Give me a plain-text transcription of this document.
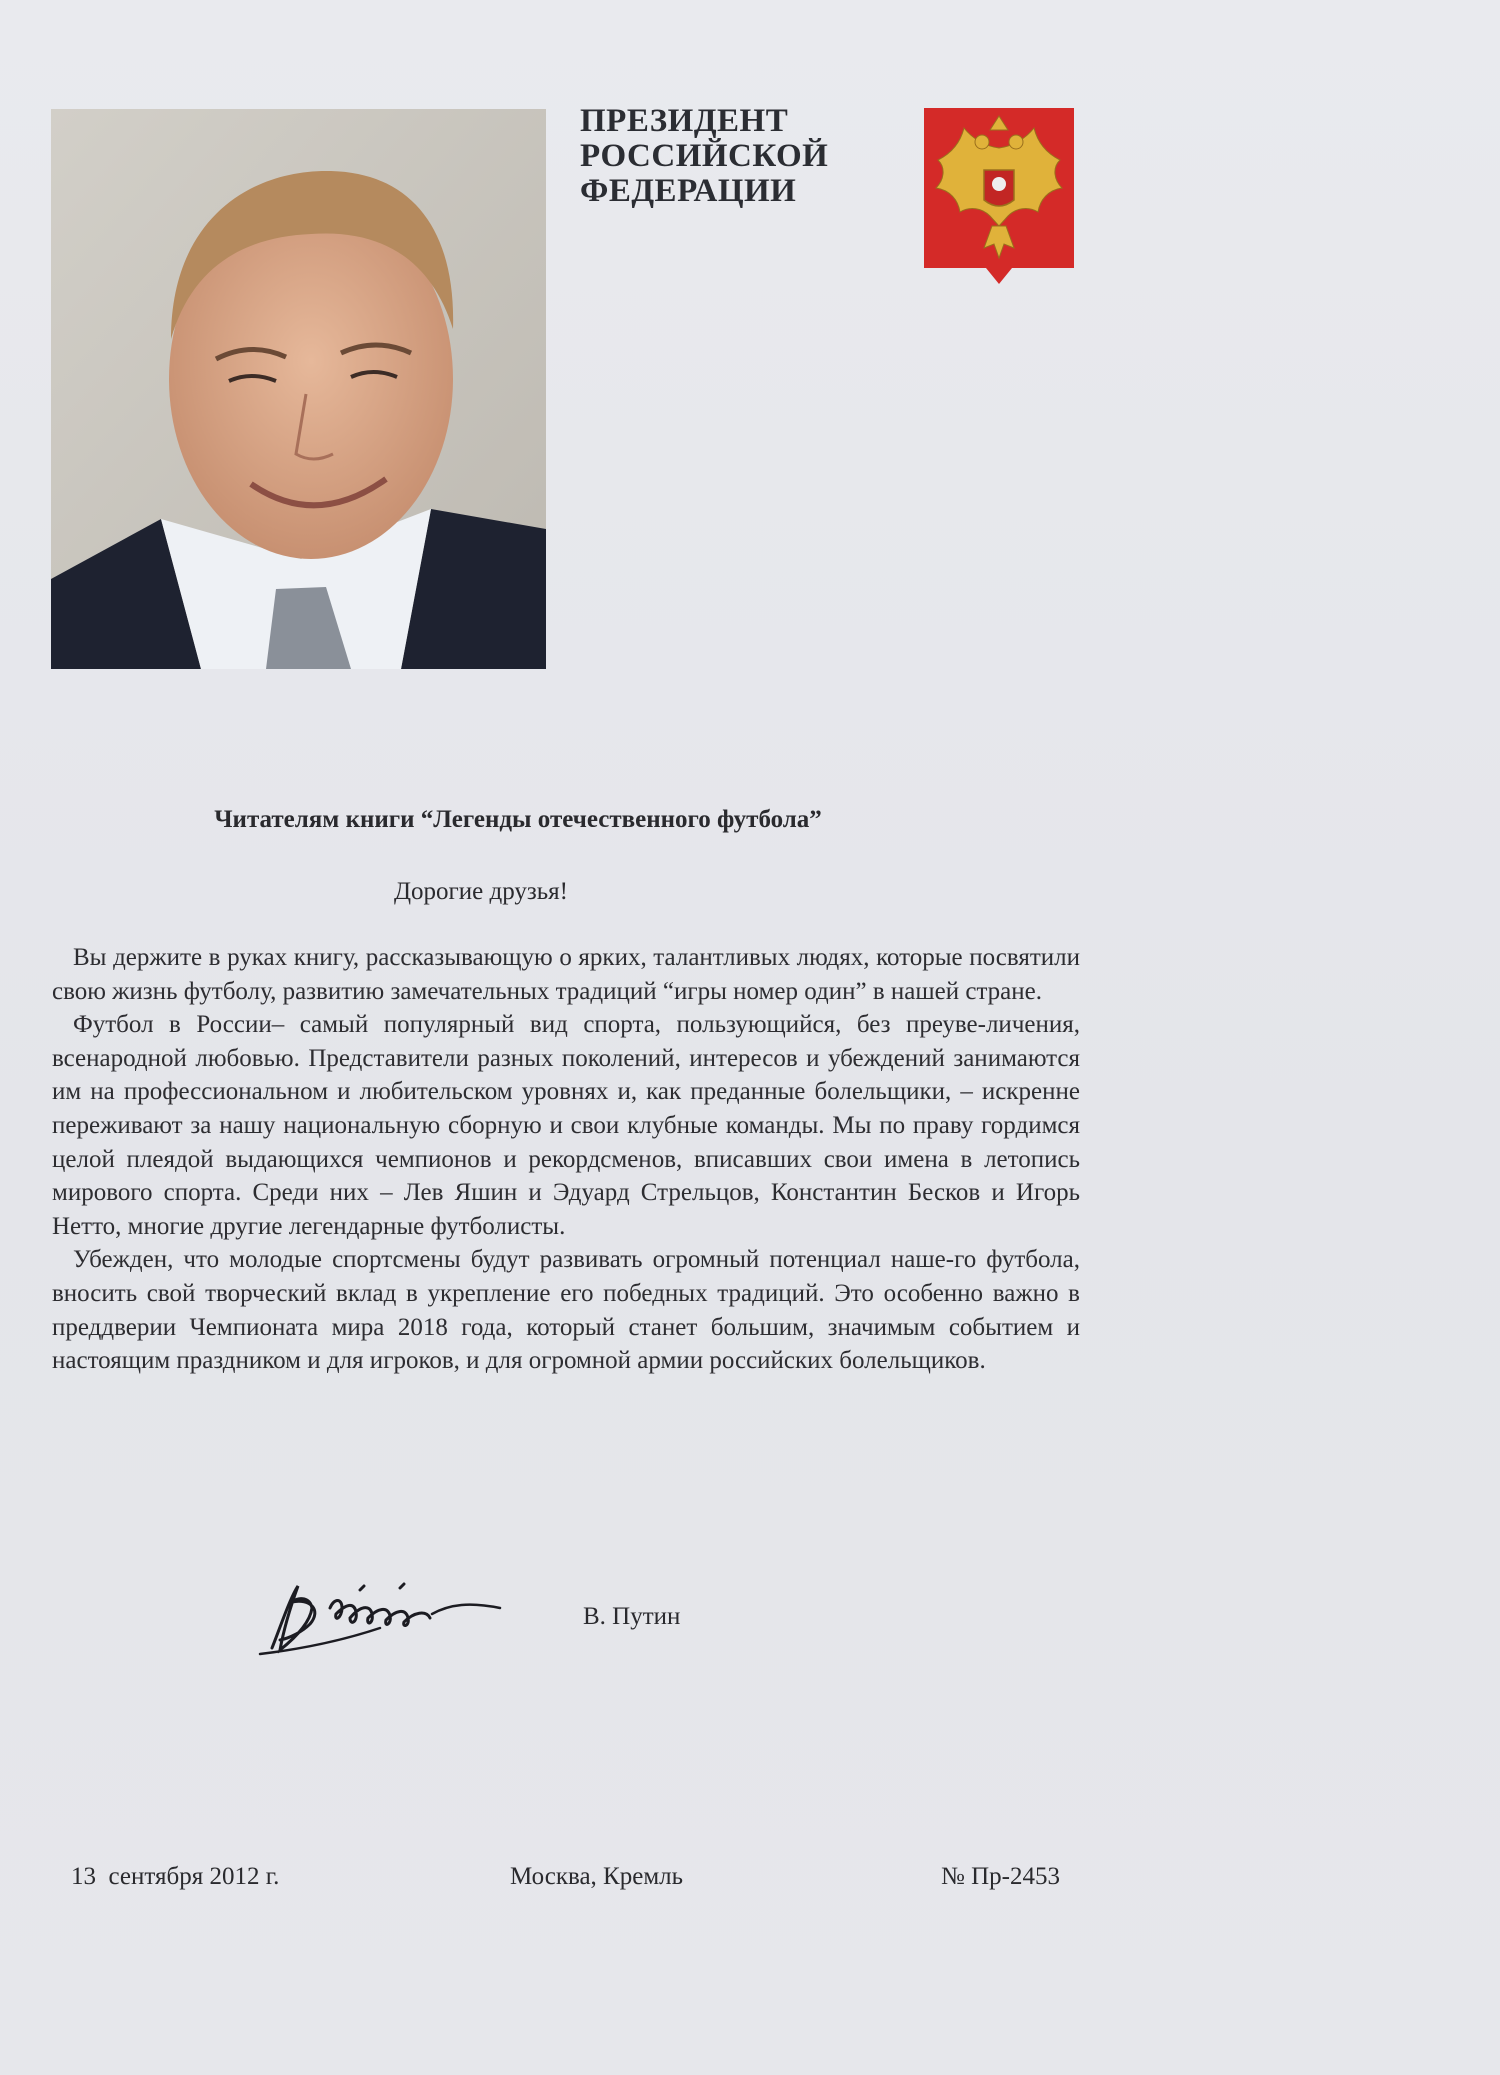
ПРЕЗИДЕНТ
РОССИЙСКОЙ
ФЕДЕРАЦИИ
Читателям книги “Легенды отечественного футбола”
Дорогие друзья!

Вы держите в руках книгу, рассказывающую о ярких, талантливых людях, которые посвятили свою жизнь футболу, развитию замечательных традиций “игры номер один” в нашей стране.

Футбол в России– самый популярный вид спорта, пользующийся, без преуве-личения, всенародной любовью. Представители разных поколений, интересов и убеждений занимаются им на профессиональном и любительском уровнях и, как преданные болельщики, – искренне переживают за нашу национальную сборную и свои клубные команды. Мы по праву гордимся целой плеядой выдающихся чемпионов и рекордсменов, вписавших свои имена в летопись мирового спорта. Среди них – Лев Яшин и Эдуард Стрельцов, Константин Бесков и Игорь Нетто, многие другие легендарные футболисты.

Убежден, что молодые спортсмены будут развивать огромный потенциал наше-го футбола, вносить свой творческий вклад в укрепление его победных традиций. Это особенно важно в преддверии Чемпионата мира 2018 года, который станет большим, значимым событием и настоящим праздником и для игроков, и для огромной армии российских болельщиков.

В. Путин
13  сентября 2012 г.	Москва, Кремль	№ Пр-2453
